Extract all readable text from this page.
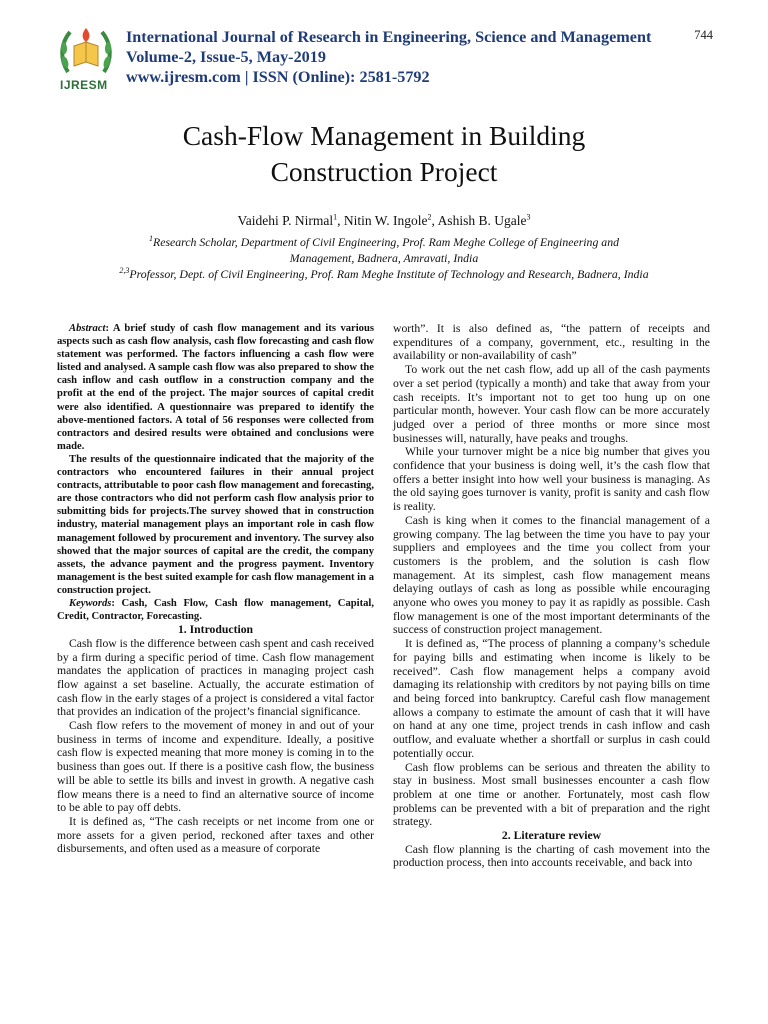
IJRESM
International Journal of Research in Engineering, Science and Management
Volume-2, Issue-5, May-2019
www.ijresm.com | ISSN (Online): 2581-5792
744
Cash-Flow Management in Building
Construction Project
Vaidehi P. Nirmal$^1$, Nitin W. Ingole$^2$, Ashish B. Ugale$^3$
$^1$Research Scholar, Department of Civil Engineering, Prof. Ram Meghe College of Engineering and Management, Badnera, Amravati, India
$^{2,3}$Professor, Dept. of Civil Engineering, Prof. Ram Meghe Institute of Technology and Research, Badnera, India

Abstract: A brief study of cash flow management and its various aspects such as cash flow analysis, cash flow forecasting and cash flow statement was performed. The factors influencing a cash flow were listed and analysed. A sample cash flow was also prepared to show the cash inflow and cash outflow in a construction company and the profit at the end of the project. The major sources of capital credit were also identified. A questionnaire was prepared to identify the above-mentioned factors. A total of 56 responses were collected from contractors and desired results were obtained and conclusions were made.

The results of the questionnaire indicated that the majority of the contractors who encountered failures in their annual project contracts, attributable to poor cash flow management and forecasting, are those contractors who did not perform cash flow analysis prior to submitting bids for projects.The survey showed that in construction industry, material management plays an important role in cash flow management followed by procurement and inventory. The survey also showed that the major sources of capital are the credit, the company assets, the advance payment and the progress payment. Inventory management is the best suited example for cash flow management in a construction project.

Keywords: Cash, Cash Flow, Cash flow management, Capital, Credit, Contractor, Forecasting.

1. Introduction

Cash flow is the difference between cash spent and cash received by a firm during a specific period of time. Cash flow management mandates the application of practices in managing project cash flow against a set baseline. Actually, the accurate estimation of cash flow in the early stages of a project is considered a vital factor that provides an indication of the project’s financial significance.

Cash flow refers to the movement of money in and out of your business in terms of income and expenditure. Ideally, a positive cash flow is expected meaning that more money is coming in to the business than goes out. If there is a positive cash flow, the business will be able to settle its bills and invest in growth. A negative cash flow means there is a need to find an alternative source of income to be able to pay off debts.

It is defined as, “The cash receipts or net income from one or more assets for a given period, reckoned after taxes and other disbursements, and often used as a measure of corporate

worth”. It is also defined as, “the pattern of receipts and expenditures of a company, government, etc., resulting in the availability or non-availability of cash”

To work out the net cash flow, add up all of the cash payments over a set period (typically a month) and take that away from your cash receipts. It’s important not to get too hung up on one particular month, however. Your cash flow can be more accurately judged over a period of three months or more since most businesses will, naturally, have peaks and troughs.

While your turnover might be a nice big number that gives you confidence that your business is doing well, it’s the cash flow that offers a better insight into how well your business is managing. As the old saying goes turnover is vanity, profit is sanity and cash flow is reality.

Cash is king when it comes to the financial management of a growing company. The lag between the time you have to pay your suppliers and employees and the time you collect from your customers is the problem, and the solution is cash flow management. At its simplest, cash flow management means delaying outlays of cash as long as possible while encouraging anyone who owes you money to pay it as rapidly as possible. Cash flow management is one of the most important determinants of the success of construction project management.

It is defined as, “The process of planning a company’s schedule for paying bills and estimating when income is likely to be received”. Cash flow management helps a company avoid damaging its relationship with creditors by not paying bills on time and being forced into bankruptcy. Careful cash flow management allows a company to estimate the amount of cash that it will have on hand at any one time, project trends in cash inflow and cash outflow, and evaluate whether a shortfall or surplus in cash could potentially occur.

Cash flow problems can be serious and threaten the ability to stay in business. Most small businesses encounter a cash flow problem at one time or another. Fortunately, most cash flow problems can be prevented with a bit of preparation and the right strategy.

2. Literature review

Cash flow planning is the charting of cash movement into the production process, then into accounts receivable, and back into
